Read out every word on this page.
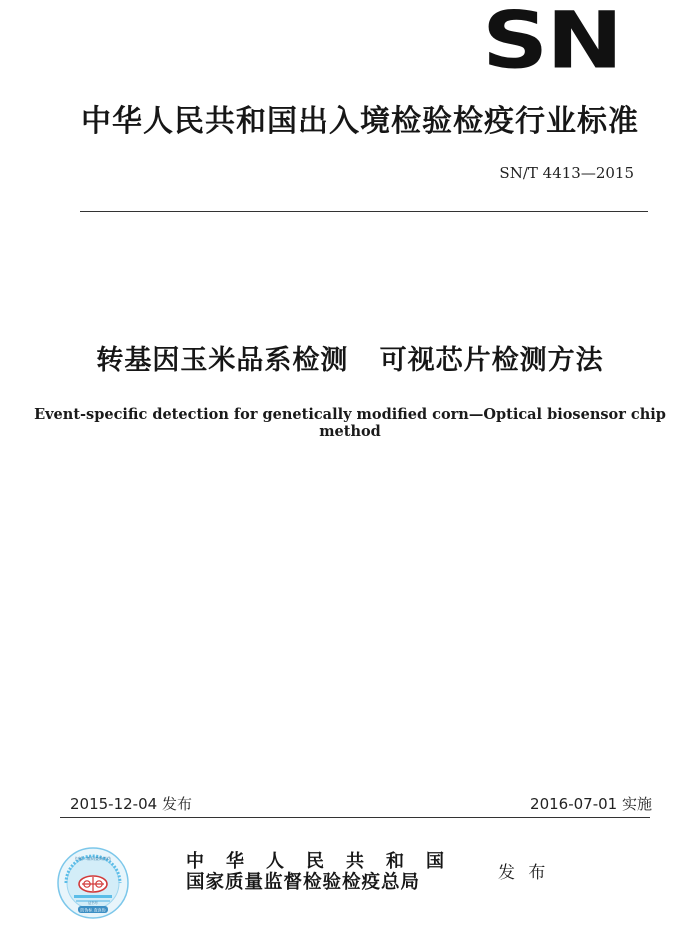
SN
中华人民共和国出入境检验检疫行业标准
SN/T 4413—2015
转基因玉米品系检测   可视芯片检测方法
Event-specific detection for genetically modified corn—Optical biosensor chip method
2015-12-04 发布	2016-07-01 实施
扫描二维码查询真伪
证书号
防伪标 查真伪
中华人民共和国
国家质量监督检验检疫总局	发 布
